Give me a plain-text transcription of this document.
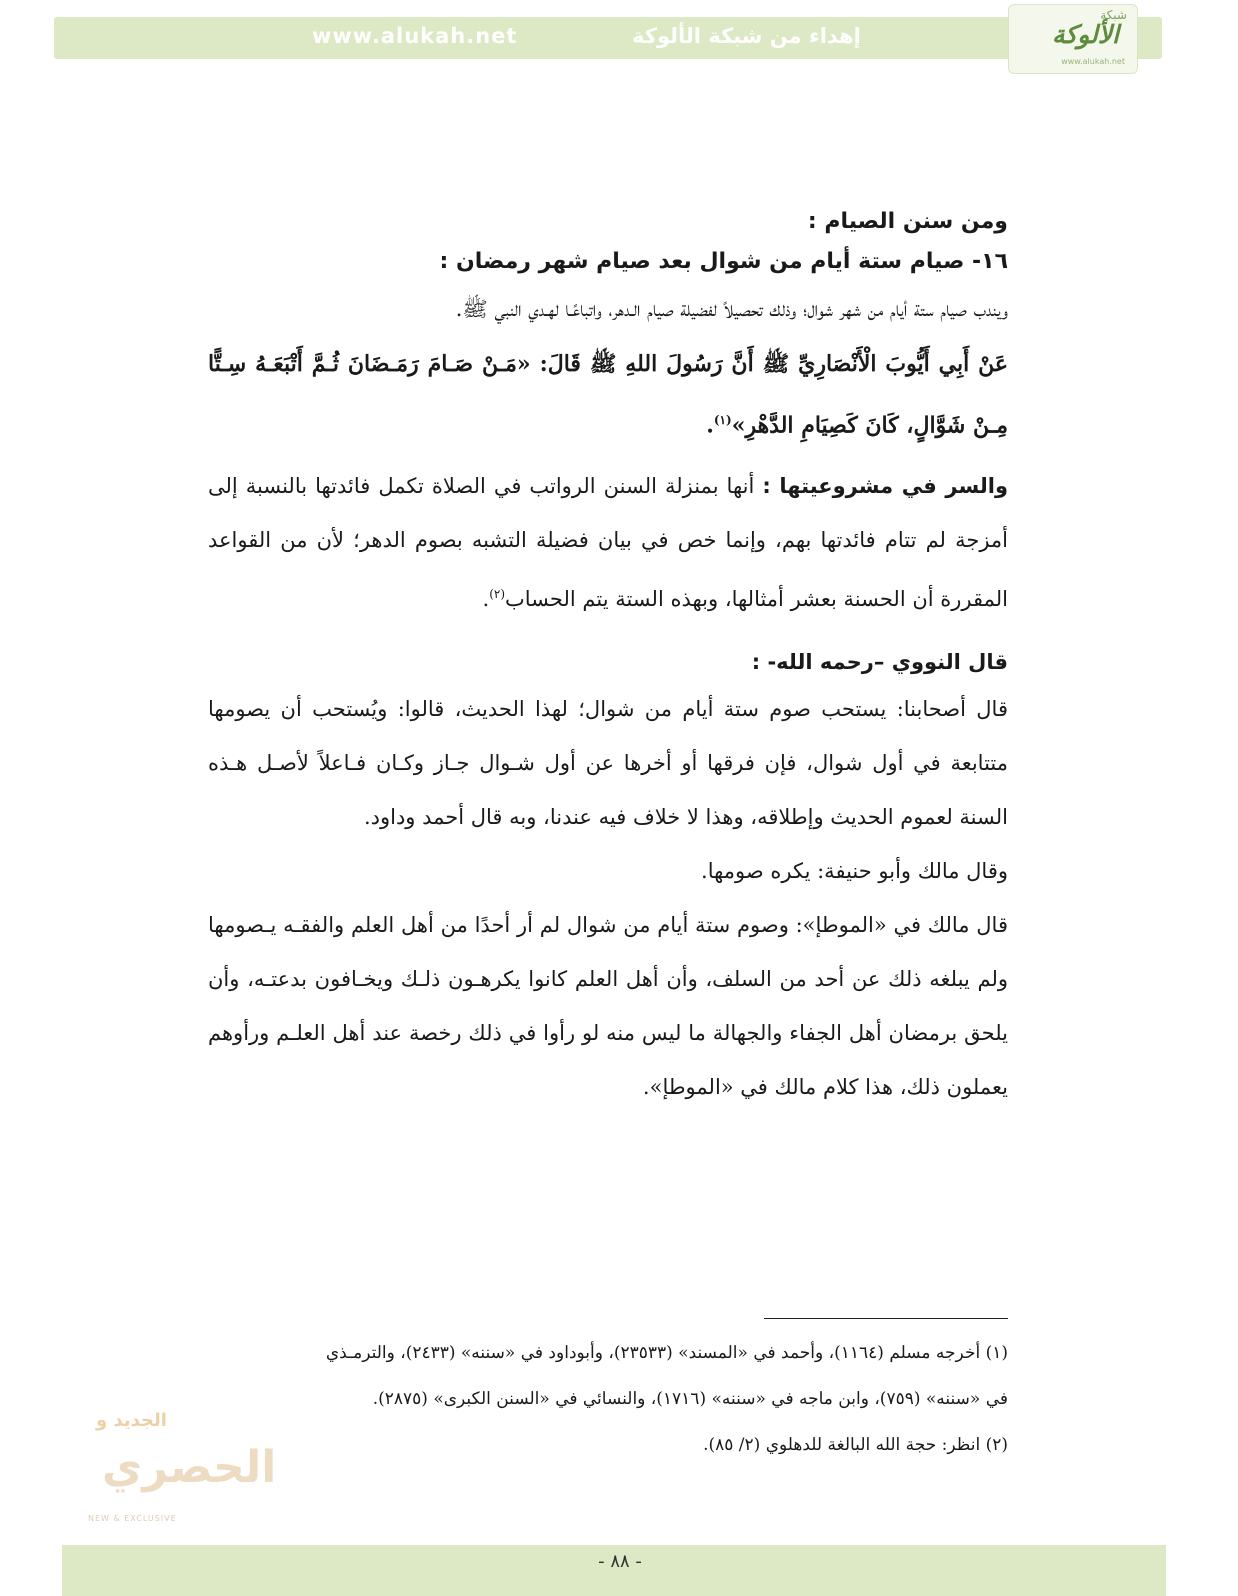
www.alukah.net	إهداء من شبكة الألوكة
شبكة
الألوكة
www.alukah.net
ومن سنن الصيام :
١٦- صيام ستة أيام من شوال بعد صيام شهر رمضان :

ويندب صيام ستة أيام من شهر شوال؛ وذلك تحصيلاً لفضيلة صيام الـدهر، واتباعًـا لهـدي النبي ﷺ.

عَنْ أَبِي أَيُّوبَ الْأَنْصَارِيِّ ﷺ أَنَّ رَسُولَ اللهِ ﷺ قَالَ: «مَـنْ صَـامَ رَمَـضَانَ ثُـمَّ أَتْبَعَـهُ سِـتًّا مِـنْ شَوَّالٍ، كَانَ كَصِيَامِ الدَّهْرِ»$^{(١)}$.

والسر في مشروعيتها : أنها بمنزلة السنن الرواتب في الصلاة تكمل فائدتها بالنسبة إلى أمزجة لم تتام فائدتها بهم، وإنما خص في بيان فضيلة التشبه بصوم الدهر؛ لأن من القواعد المقررة أن الحسنة بعشر أمثالها، وبهذه الستة يتم الحساب$^{(٢)}$.

قال النووي –رحمه الله- :

قال أصحابنا: يستحب صوم ستة أيام من شوال؛ لهذا الحديث، قالوا: ويُستحب أن يصومها متتابعة في أول شوال، فإن فرقها أو أخرها عن أول شـوال جـاز وكـان فـاعلاً لأصـل هـذه السنة لعموم الحديث وإطلاقه، وهذا لا خلاف فيه عندنا، وبه قال أحمد وداود.

وقال مالك وأبو حنيفة: يكره صومها.

قال مالك في «الموطإ»: وصوم ستة أيام من شوال لم أر أحدًا من أهل العلم والفقـه يـصومها ولم يبلغه ذلك عن أحد من السلف، وأن أهل العلم كانوا يكرهـون ذلـك ويخـافون بدعتـه، وأن يلحق برمضان أهل الجفاء والجهالة ما ليس منه لو رأوا في ذلك رخصة عند أهل العلـم ورأوهم يعملون ذلك، هذا كلام مالك في «الموطإ».

(١) أخرجه مسلم (١١٦٤)، وأحمد في «المسند» (٢٣٥٣٣)، وأبوداود في «سننه» (٢٤٣٣)، والترمـذي

في «سننه» (٧٥٩)، وابن ماجه في «سننه» (١٧١٦)، والنسائي في «السنن الكبرى» (٢٨٧٥).

(٢) انظر: حجة الله البالغة للدهلوي (٢/ ٨٥).

الجديد و
الحصري
NEW & EXCLUSIVE
- ٨٨ -
